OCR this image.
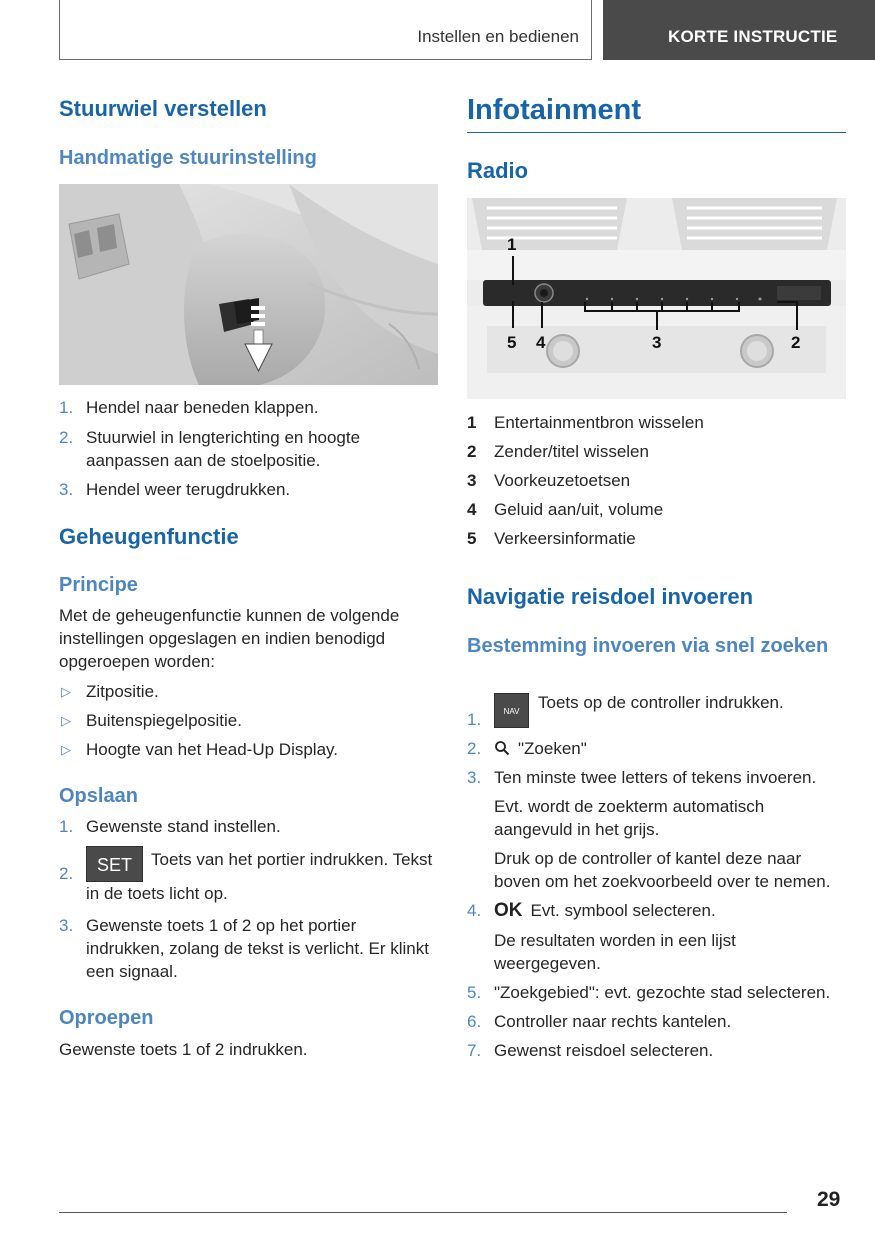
Instellen en bedienen	KORTE INSTRUCTIE
Stuurwiel verstellen
Handmatige stuurinstelling
1. Hendel naar beneden klappen.
2. Stuurwiel in lengterichting en hoogte aanpassen aan de stoelpositie.
3. Hendel weer terugdrukken.
Geheugenfunctie
Principe
Met de geheugenfunctie kunnen de volgende instellingen opgeslagen en indien benodigd opgeroepen worden:
▷ Zitpositie.
▷ Buitenspiegelpositie.
▷ Hoogte van het Head-Up Display.
Opslaan
1. Gewenste stand instellen.
2.	SET Toets van het portier indrukken. Tekst in de toets licht op.
3. Gewenste toets 1 of 2 op het portier indrukken, zolang de tekst is verlicht. Er klinkt een signaal.
Oproepen
Gewenste toets 1 of 2 indrukken.
Infotainment
Radio
1
2
3
4
5
1	Entertainmentbron wisselen
2	Zender/titel wisselen
3	Voorkeuzetoetsen
4	Geluid aan/uit, volume
5	Verkeersinformatie
Navigatie reisdoel invoeren
Bestemming invoeren via snel zoeken
1.	NAV Toets op de controller indrukken.
2.	"Zoeken"
3. Ten minste twee letters of tekens invoeren.
Evt. wordt de zoekterm automatisch aangevuld in het grijs.
Druk op de controller of kantel deze naar boven om het zoekvoorbeeld over te nemen.
4. OK Evt. symbool selecteren.
De resultaten worden in een lijst weergegeven.
5. "Zoekgebied": evt. gezochte stad selecteren.
6. Controller naar rechts kantelen.
7. Gewenst reisdoel selecteren.
29
